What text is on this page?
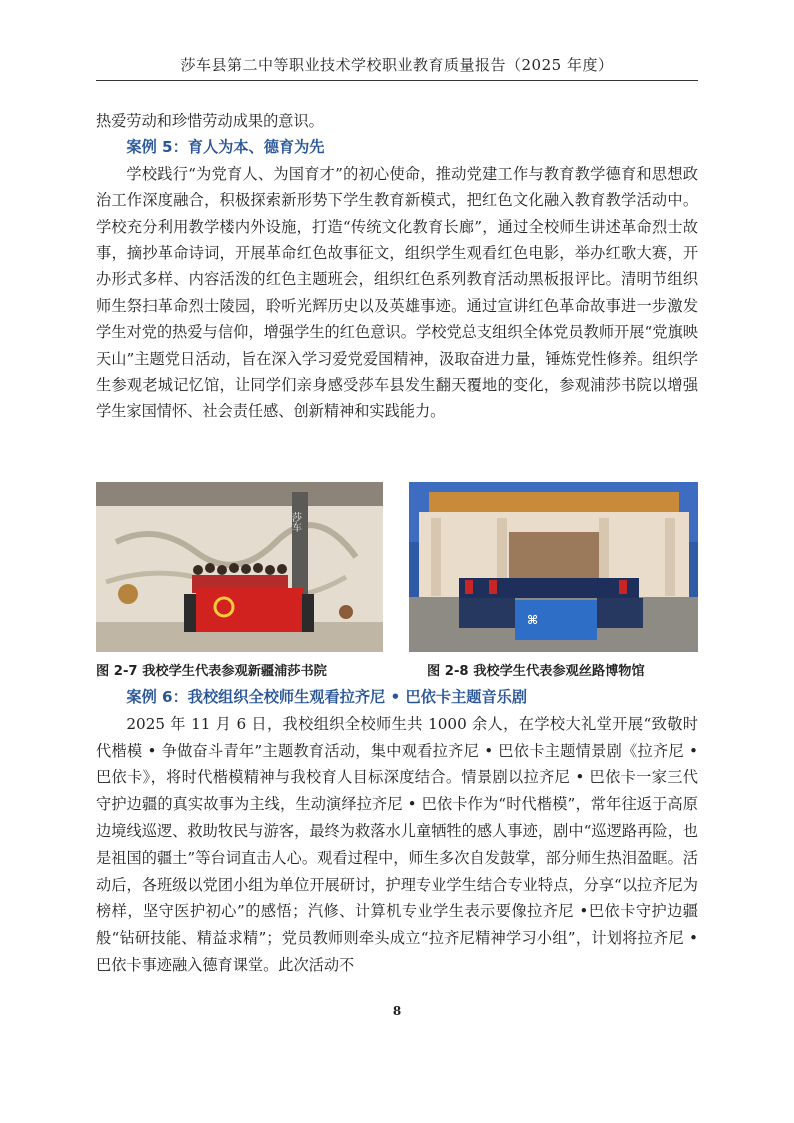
莎车县第二中等职业技术学校职业教育质量报告（2025 年度）

热爱劳动和珍惜劳动成果的意识。

案例 5：育人为本、德育为先

学校践行“为党育人、为国育才”的初心使命，推动党建工作与教育教学德育和思想政治工作深度融合，积极探索新形势下学生教育新模式，把红色文化融入教育教学活动中。学校充分利用教学楼内外设施，打造“传统文化教育长廊”，通过全校师生讲述革命烈士故事，摘抄革命诗词，开展革命红色故事征文，组织学生观看红色电影，举办红歌大赛，开办形式多样、内容活泼的红色主题班会，组织红色系列教育活动黑板报评比。清明节组织师生祭扫革命烈士陵园，聆听光辉历史以及英雄事迹。通过宣讲红色革命故事进一步激发学生对党的热爱与信仰，增强学生的红色意识。学校党总支组织全体党员教师开展“党旗映天山”主题党日活动，旨在深入学习爱党爱国精神，汲取奋进力量，锤炼党性修养。组织学生参观老城记忆馆，让同学们亲身感受莎车县发生翻天覆地的变化，参观浦莎书院以增强学生家国情怀、社会责任感、创新精神和实践能力。

莎车
⌘
图 2-7 我校学生代表参观新疆浦莎书院	图 2-8 我校学生代表参观丝路博物馆

案例 6：我校组织全校师生观看拉齐尼 • 巴依卡主题音乐剧

2025 年 11 月 6 日，我校组织全校师生共 1000 余人，在学校大礼堂开展“致敬时代楷模 • 争做奋斗青年”主题教育活动，集中观看拉齐尼 • 巴依卡主题情景剧《拉齐尼 • 巴依卡》，将时代楷模精神与我校育人目标深度结合。情景剧以拉齐尼 • 巴依卡一家三代守护边疆的真实故事为主线，生动演绎拉齐尼 • 巴依卡作为“时代楷模”，常年往返于高原边境线巡逻、救助牧民与游客，最终为救落水儿童牺牲的感人事迹，剧中“巡逻路再险，也是祖国的疆土”等台词直击人心。观看过程中，师生多次自发鼓掌，部分师生热泪盈眶。活动后，各班级以党团小组为单位开展研讨，护理专业学生结合专业特点，分享“以拉齐尼为榜样，坚守医护初心”的感悟；汽修、计算机专业学生表示要像拉齐尼 •巴依卡守护边疆般“钻研技能、精益求精”；党员教师则牵头成立“拉齐尼精神学习小组”，计划将拉齐尼 • 巴依卡事迹融入德育课堂。此次活动不

8
